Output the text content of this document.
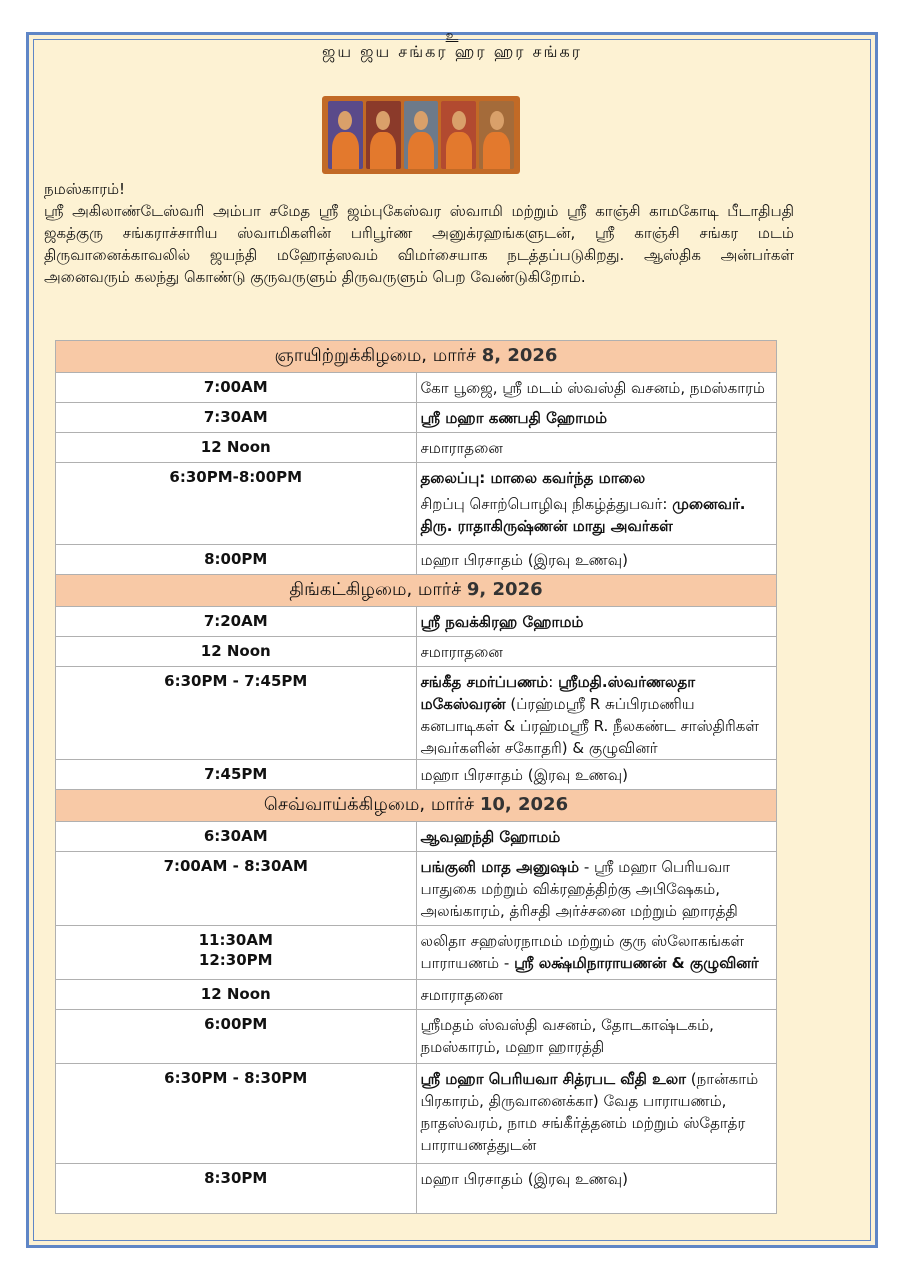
உ
ஜய ஜய சங்கர ஹர ஹர சங்கர

நமஸ்காரம்!

ஸ்ரீ அகிலாண்டேஸ்வரி அம்பா சமேத ஸ்ரீ ஜம்புகேஸ்வர ஸ்வாமி மற்றும் ஸ்ரீ காஞ்சி காமகோடி பீடாதிபதி ஜகத்குரு சங்கராச்சாரிய ஸ்வாமிகளின் பரிபூர்ண அனுக்ரஹங்களுடன், ஸ்ரீ காஞ்சி சங்கர மடம் திருவானைக்காவலில் ஜயந்தி மஹோத்ஸவம் விமர்சையாக நடத்தப்படுகிறது. ஆஸ்திக அன்பர்கள் அனைவரும் கலந்து கொண்டு குருவருளும் திருவருளும் பெற வேண்டுகிறோம்.

ஞாயிற்றுக்கிழமை, மார்ச் 8, 2026	
7:00AM	கோ பூஜை, ஸ்ரீ மடம் ஸ்வஸ்தி வசனம், நமஸ்காரம்
7:30AM	ஸ்ரீ மஹா கணபதி ஹோமம்
12 Noon	சமாராதனை
6:30PM-8:00PM	தலைப்பு: மாலை கவர்ந்த மாலை
சிறப்பு சொற்பொழிவு நிகழ்த்துபவர்: முனைவர். திரு. ராதாகிருஷ்ணன் மாது அவர்கள்

8:00PM	மஹா பிரசாதம் (இரவு உணவு)
திங்கட்கிழமை, மார்ச் 9, 2026	
7:20AM	ஸ்ரீ நவக்கிரஹ ஹோமம்
12 Noon	சமாராதனை
6:30PM - 7:45PM	சங்கீத சமர்ப்பணம்: ஸ்ரீமதி.ஸ்வர்ணலதா மகேஸ்வரன் (ப்ரஹ்மஸ்ரீ R சுப்பிரமணிய கனபாடிகள் & ப்ரஹ்மஸ்ரீ R. நீலகண்ட சாஸ்திரிகள் அவர்களின் சகோதரி) & குழுவினர்
7:45PM	மஹா பிரசாதம் (இரவு உணவு)
செவ்வாய்க்கிழமை, மார்ச் 10, 2026	
6:30AM	ஆவஹந்தி ஹோமம்
7:00AM - 8:30AM	பங்குனி மாத அனுஷம் - ஸ்ரீ மஹா பெரியவா பாதுகை மற்றும் விக்ரஹத்திற்கு அபிஷேகம், அலங்காரம், த்ரிசதி அர்ச்சனை மற்றும் ஹாரத்தி
11:30AM
12:30PM	லலிதா சஹஸ்ரநாமம் மற்றும் குரு ஸ்லோகங்கள் பாராயணம் - ஸ்ரீ லக்ஷ்மிநாராயணன் & குழுவினர்
12 Noon	சமாராதனை
6:00PM	ஸ்ரீமதம் ஸ்வஸ்தி வசனம், தோடகாஷ்டகம், நமஸ்காரம், மஹா ஹாரத்தி
6:30PM - 8:30PM	ஸ்ரீ மஹா பெரியவா சித்ரபட வீதி உலா (நான்காம் பிரகாரம், திருவானைக்கா) வேத பாராயணம், நாதஸ்வரம், நாம சங்கீர்த்தனம் மற்றும் ஸ்தோத்ர பாராயணத்துடன்
8:30PM	மஹா பிரசாதம் (இரவு உணவு)
